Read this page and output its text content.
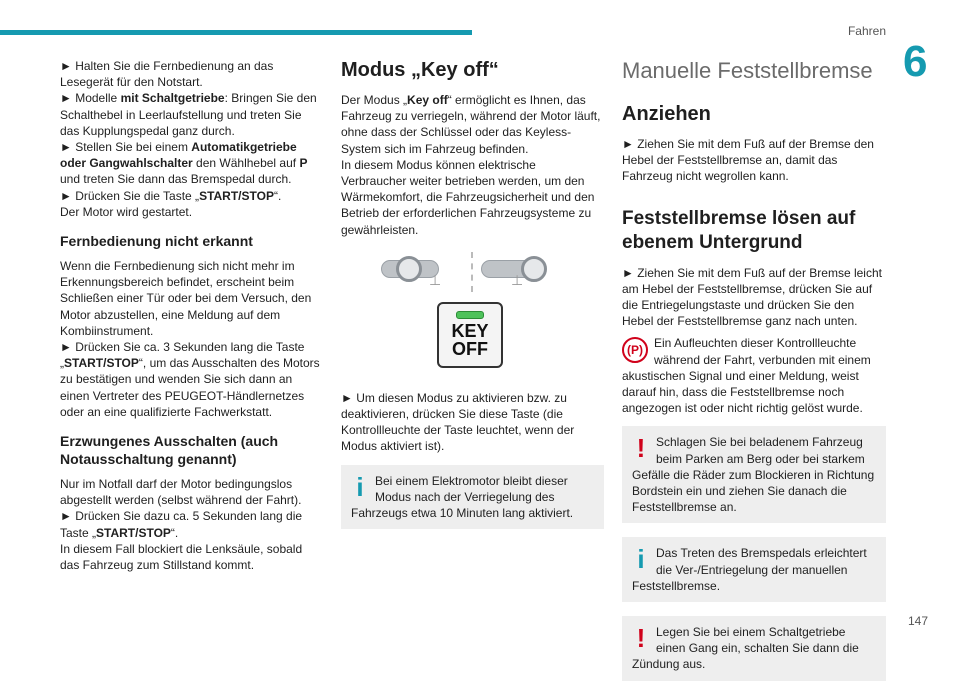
Fahren
6
147

► Halten Sie die Fernbedienung an das Lesegerät für den Notstart.
► Modelle mit Schaltgetriebe: Bringen Sie den Schalthebel in Leerlaufstellung und treten Sie das Kupplungspedal ganz durch.
► Stellen Sie bei einem Automatikgetriebe oder Gangwahlschalter den Wählhebel auf P und treten Sie dann das Bremspedal durch.
► Drücken Sie die Taste „START/STOP“.
Der Motor wird gestartet.

Fernbedienung nicht erkannt

Wenn die Fernbedienung sich nicht mehr im Erkennungsbereich befindet, erscheint beim Schließen einer Tür oder bei dem Versuch, den Motor abzustellen, eine Meldung auf dem Kombiinstrument.
► Drücken Sie ca. 3 Sekunden lang die Taste „START/STOP“, um das Ausschalten des Motors zu bestätigen und wenden Sie sich dann an einen Vertreter des PEUGEOT-Händlernetzes oder an eine qualifizierte Fachwerkstatt.

Erzwungenes Ausschalten (auch Notausschaltung genannt)

Nur im Notfall darf der Motor bedingungslos abgestellt werden (selbst während der Fahrt).
► Drücken Sie dazu ca. 5 Sekunden lang die Taste „START/STOP“.
In diesem Fall blockiert die Lenksäule, sobald das Fahrzeug zum Stillstand kommt.

Modus „Key off“

Der Modus „Key off“ ermöglicht es Ihnen, das Fahrzeug zu verriegeln, während der Motor läuft, ohne dass der Schlüssel oder das Keyless-System sich im Fahrzeug befinden.
In diesem Modus können elektrische Verbraucher weiter betrieben werden, um den Wärmekomfort, die Fahrzeugsicherheit und den Betrieb der erforderlichen Fahrzeugsysteme zu gewährleisten.

⊥	⊥
KEY
OFF

► Um diesen Modus zu aktivieren bzw. zu deaktivieren, drücken Sie diese Taste (die Kontrollleuchte der Taste leuchtet, wenn der Modus aktiviert ist).

i Bei einem Elektromotor bleibt dieser Modus nach der Verriegelung des Fahrzeugs etwa 10 Minuten lang aktiviert.
Manuelle Feststellbremse
Anziehen

► Ziehen Sie mit dem Fuß auf der Bremse den Hebel der Feststellbremse an, damit das Fahrzeug nicht wegrollen kann.

Feststellbremse lösen auf ebenem Untergrund

► Ziehen Sie mit dem Fuß auf der Bremse leicht am Hebel der Feststellbremse, drücken Sie auf die Entriegelungstaste und drücken Sie den Hebel der Feststellbremse ganz nach unten.

(P) Ein Aufleuchten dieser Kontrollleuchte während der Fahrt, verbunden mit einem akustischen Signal und einer Meldung, weist darauf hin, dass die Feststellbremse noch angezogen ist oder nicht richtig gelöst wurde.

! Schlagen Sie bei beladenem Fahrzeug beim Parken am Berg oder bei starkem Gefälle die Räder zum Blockieren in Richtung Bordstein ein und ziehen Sie danach die Feststellbremse an.
i Das Treten des Bremspedals erleichtert die Ver-/Entriegelung der manuellen Feststellbremse.
! Legen Sie bei einem Schaltgetriebe einen Gang ein, schalten Sie dann die Zündung aus.
